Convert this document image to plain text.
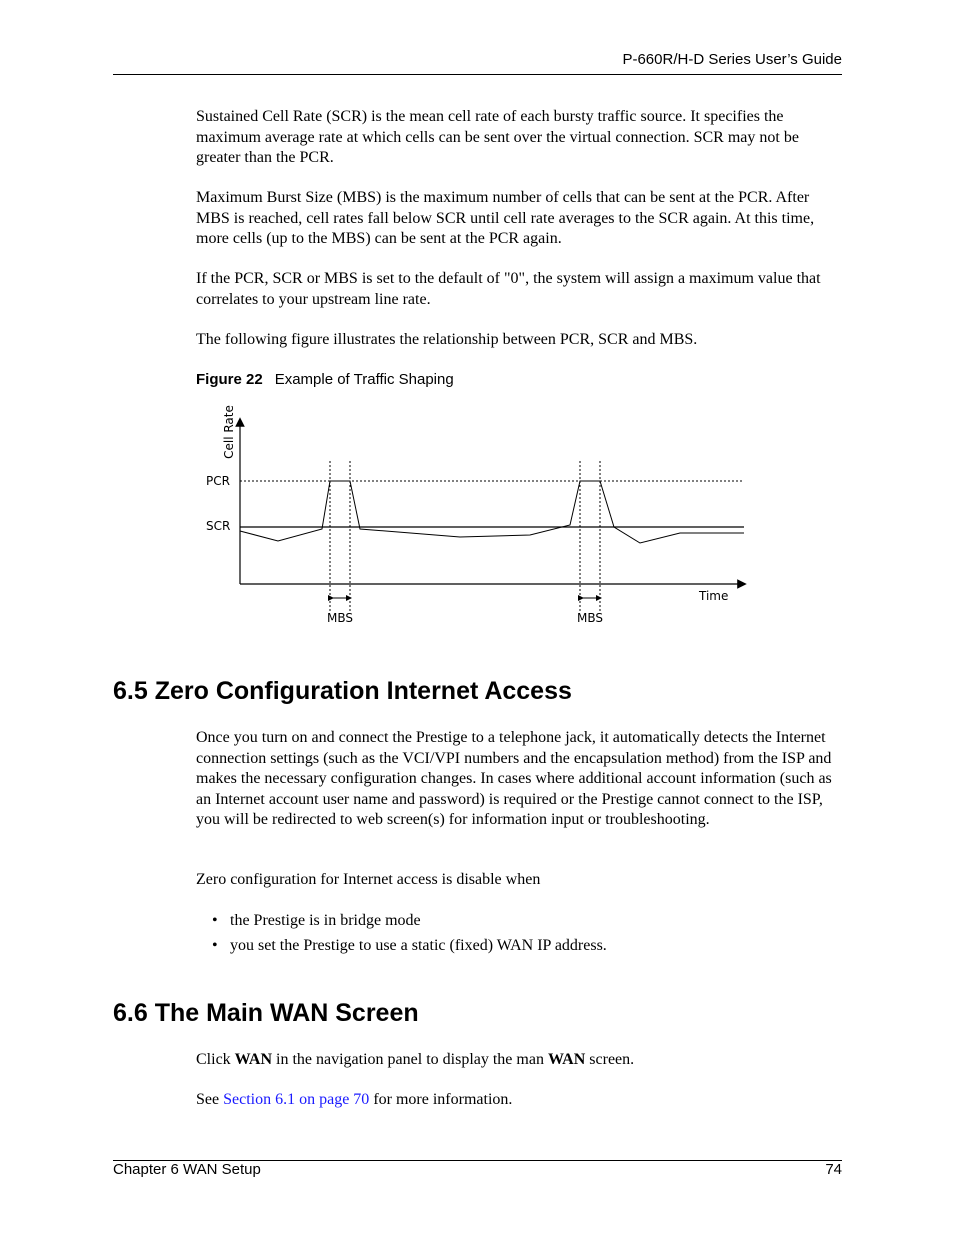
P-660R/H-D Series User’s Guide

Sustained Cell Rate (SCR) is the mean cell rate of each bursty traffic source. It specifies the maximum average rate at which cells can be sent over the virtual connection. SCR may not be greater than the PCR.

Maximum Burst Size (MBS) is the maximum number of cells that can be sent at the PCR. After MBS is reached, cell rates fall below SCR until cell rate averages to the SCR again. At this time, more cells (up to the MBS) can be sent at the PCR again.

If the PCR, SCR or MBS is set to the default of "0", the system will assign a maximum value that correlates to your upstream line rate.

The following figure illustrates the relationship between PCR, SCR and MBS.

Figure 22 Example of Traffic Shaping
Cell Rate
PCR
SCR
Time
MBS	MBS
6.5 Zero Configuration Internet Access

Once you turn on and connect the Prestige to a telephone jack, it automatically detects the Internet connection settings (such as the VCI/VPI numbers and the encapsulation method) from the ISP and makes the necessary configuration changes. In cases where additional account information (such as an Internet account user name and password) is required or the Prestige cannot connect to the ISP, you will be redirected to web screen(s) for information input or troubleshooting.

Zero configuration for Internet access is disable when

• the Prestige is in bridge mode
• you set the Prestige to use a static (fixed) WAN IP address.
6.6 The Main WAN Screen

Click WAN in the navigation panel to display the man WAN screen.

See Section 6.1 on page 70 for more information.

Chapter 6 WAN Setup	74
